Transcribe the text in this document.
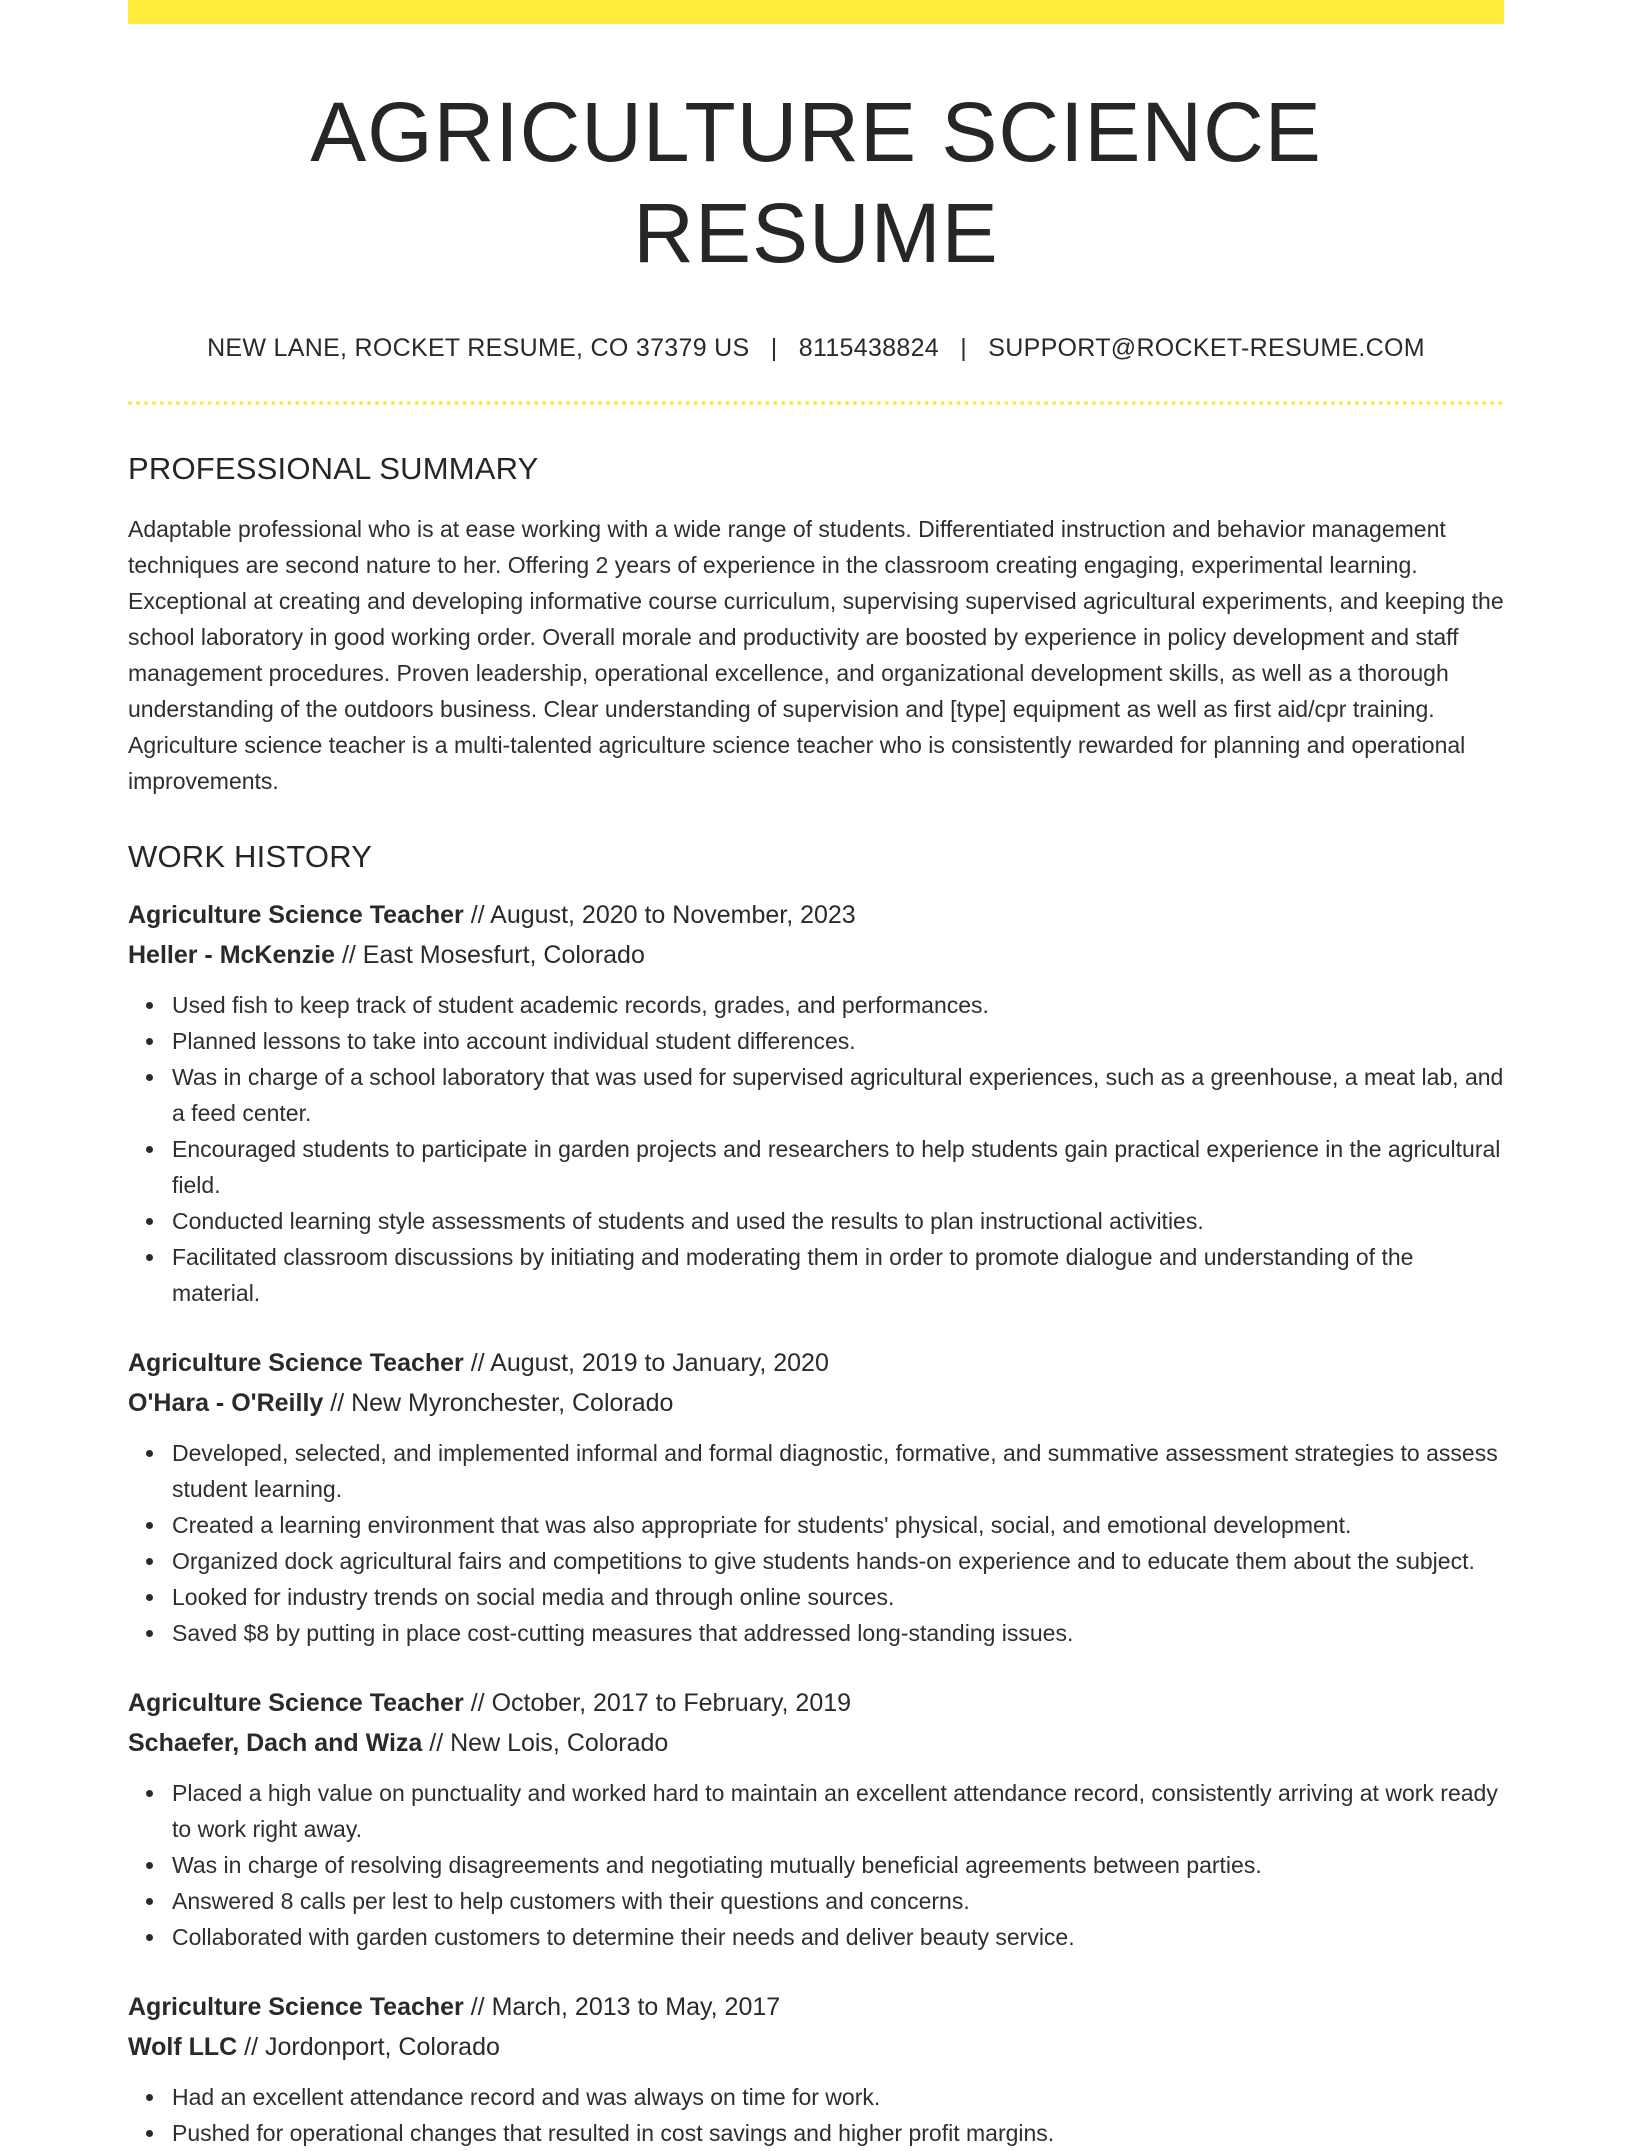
AGRICULTURE SCIENCE RESUME
NEW LANE, ROCKET RESUME, CO 37379 US | 8115438824 | SUPPORT@ROCKET-RESUME.COM
PROFESSIONAL SUMMARY

Adaptable professional who is at ease working with a wide range of students. Differentiated instruction and behavior management techniques are second nature to her. Offering 2 years of experience in the classroom creating engaging, experimental learning. Exceptional at creating and developing informative course curriculum, supervising supervised agricultural experiments, and keeping the school laboratory in good working order. Overall morale and productivity are boosted by experience in policy development and staff management procedures. Proven leadership, operational excellence, and organizational development skills, as well as a thorough understanding of the outdoors business. Clear understanding of supervision and [type] equipment as well as first aid/cpr training. Agriculture science teacher is a multi-talented agriculture science teacher who is consistently rewarded for planning and operational improvements.

WORK HISTORY
Agriculture Science Teacher // August, 2020 to November, 2023
Heller - McKenzie // East Mosesfurt, Colorado
Used fish to keep track of student academic records, grades, and performances.
Planned lessons to take into account individual student differences.
Was in charge of a school laboratory that was used for supervised agricultural experiences, such as a greenhouse, a meat lab, and a feed center.
Encouraged students to participate in garden projects and researchers to help students gain practical experience in the agricultural field.
Conducted learning style assessments of students and used the results to plan instructional activities.
Facilitated classroom discussions by initiating and moderating them in order to promote dialogue and understanding of the material.
Agriculture Science Teacher // August, 2019 to January, 2020
O'Hara - O'Reilly // New Myronchester, Colorado
Developed, selected, and implemented informal and formal diagnostic, formative, and summative assessment strategies to assess student learning.
Created a learning environment that was also appropriate for students' physical, social, and emotional development.
Organized dock agricultural fairs and competitions to give students hands-on experience and to educate them about the subject.
Looked for industry trends on social media and through online sources.
Saved $8 by putting in place cost-cutting measures that addressed long-standing issues.
Agriculture Science Teacher // October, 2017 to February, 2019
Schaefer, Dach and Wiza // New Lois, Colorado
Placed a high value on punctuality and worked hard to maintain an excellent attendance record, consistently arriving at work ready to work right away.
Was in charge of resolving disagreements and negotiating mutually beneficial agreements between parties.
Answered 8 calls per lest to help customers with their questions and concerns.
Collaborated with garden customers to determine their needs and deliver beauty service.
Agriculture Science Teacher // March, 2013 to May, 2017
Wolf LLC // Jordonport, Colorado
Had an excellent attendance record and was always on time for work.
Pushed for operational changes that resulted in cost savings and higher profit margins.
